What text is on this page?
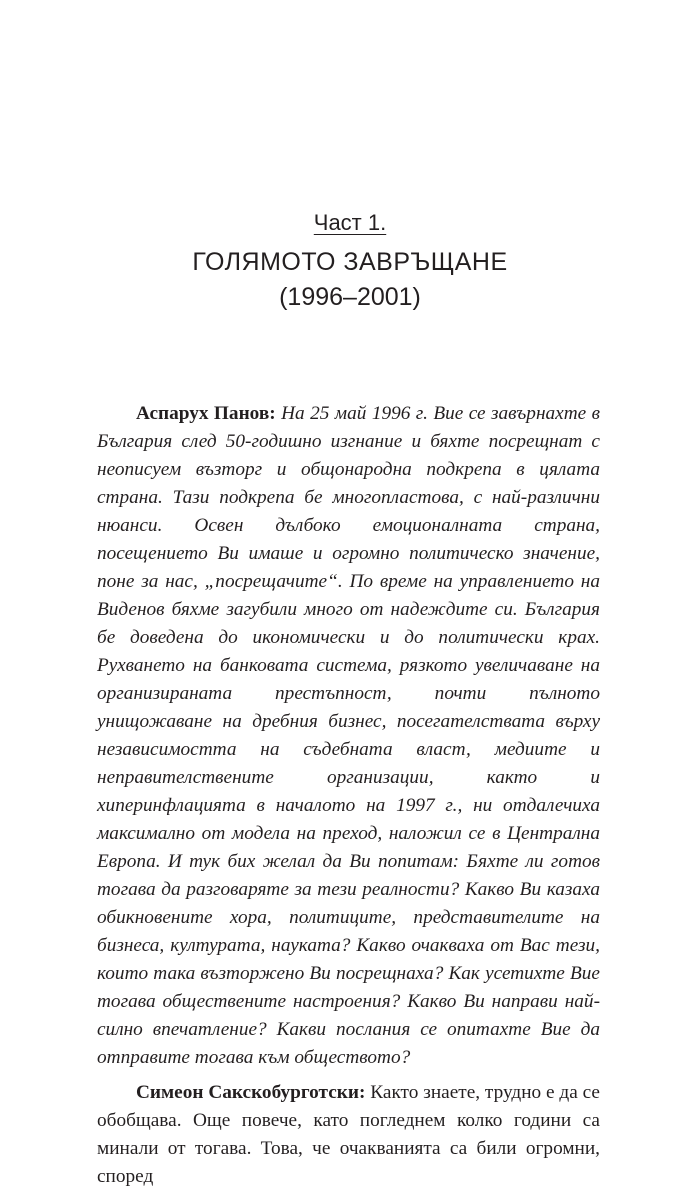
Част 1.
ГОЛЯМОТО ЗАВРЪЩАНЕ
(1996–2001)

Аспарух Панов: На 25 май 1996 г. Вие се завърнахте в България след 50-годишно изгнание и бяхте посрещнат с неописуем възторг и общонародна подкрепа в цялата страна. Тази подкрепа бе многопластова, с най-различни нюанси. Освен дълбоко емоционалната страна, посещението Ви имаше и огромно политическо значение, поне за нас, „посрещачите“. По време на управлението на Виденов бяхме загубили много от надеждите си. България бе доведена до икономически и до политически крах. Рухването на банковата система, рязкото увеличаване на организираната престъпност, почти пълното унищожаване на дребния бизнес, посегателствата върху независимостта на съдебната власт, медиите и неправителствените организации, както и хиперинфлацията в началото на 1997 г., ни отдалечиха максимално от модела на преход, наложил се в Централна Европа. И тук бих желал да Ви попитам: Бяхте ли готов тогава да разговаряте за тези реалности? Какво Ви казаха обикновените хора, политиците, представителите на бизнеса, културата, науката? Какво очакваха от Вас тези, които така възторжено Ви посрещнаха? Как усетихте Вие тогава обществените настроения? Какво Ви направи най-силно впечатление? Какви послания се опитахте Вие да отправите тогава към обществото?

Симеон Сакскобурготски: Както знаете, трудно е да се обобщава. Още повече, като погледнем колко години са минали от тогава. Това, че очакванията са били огромни, според
